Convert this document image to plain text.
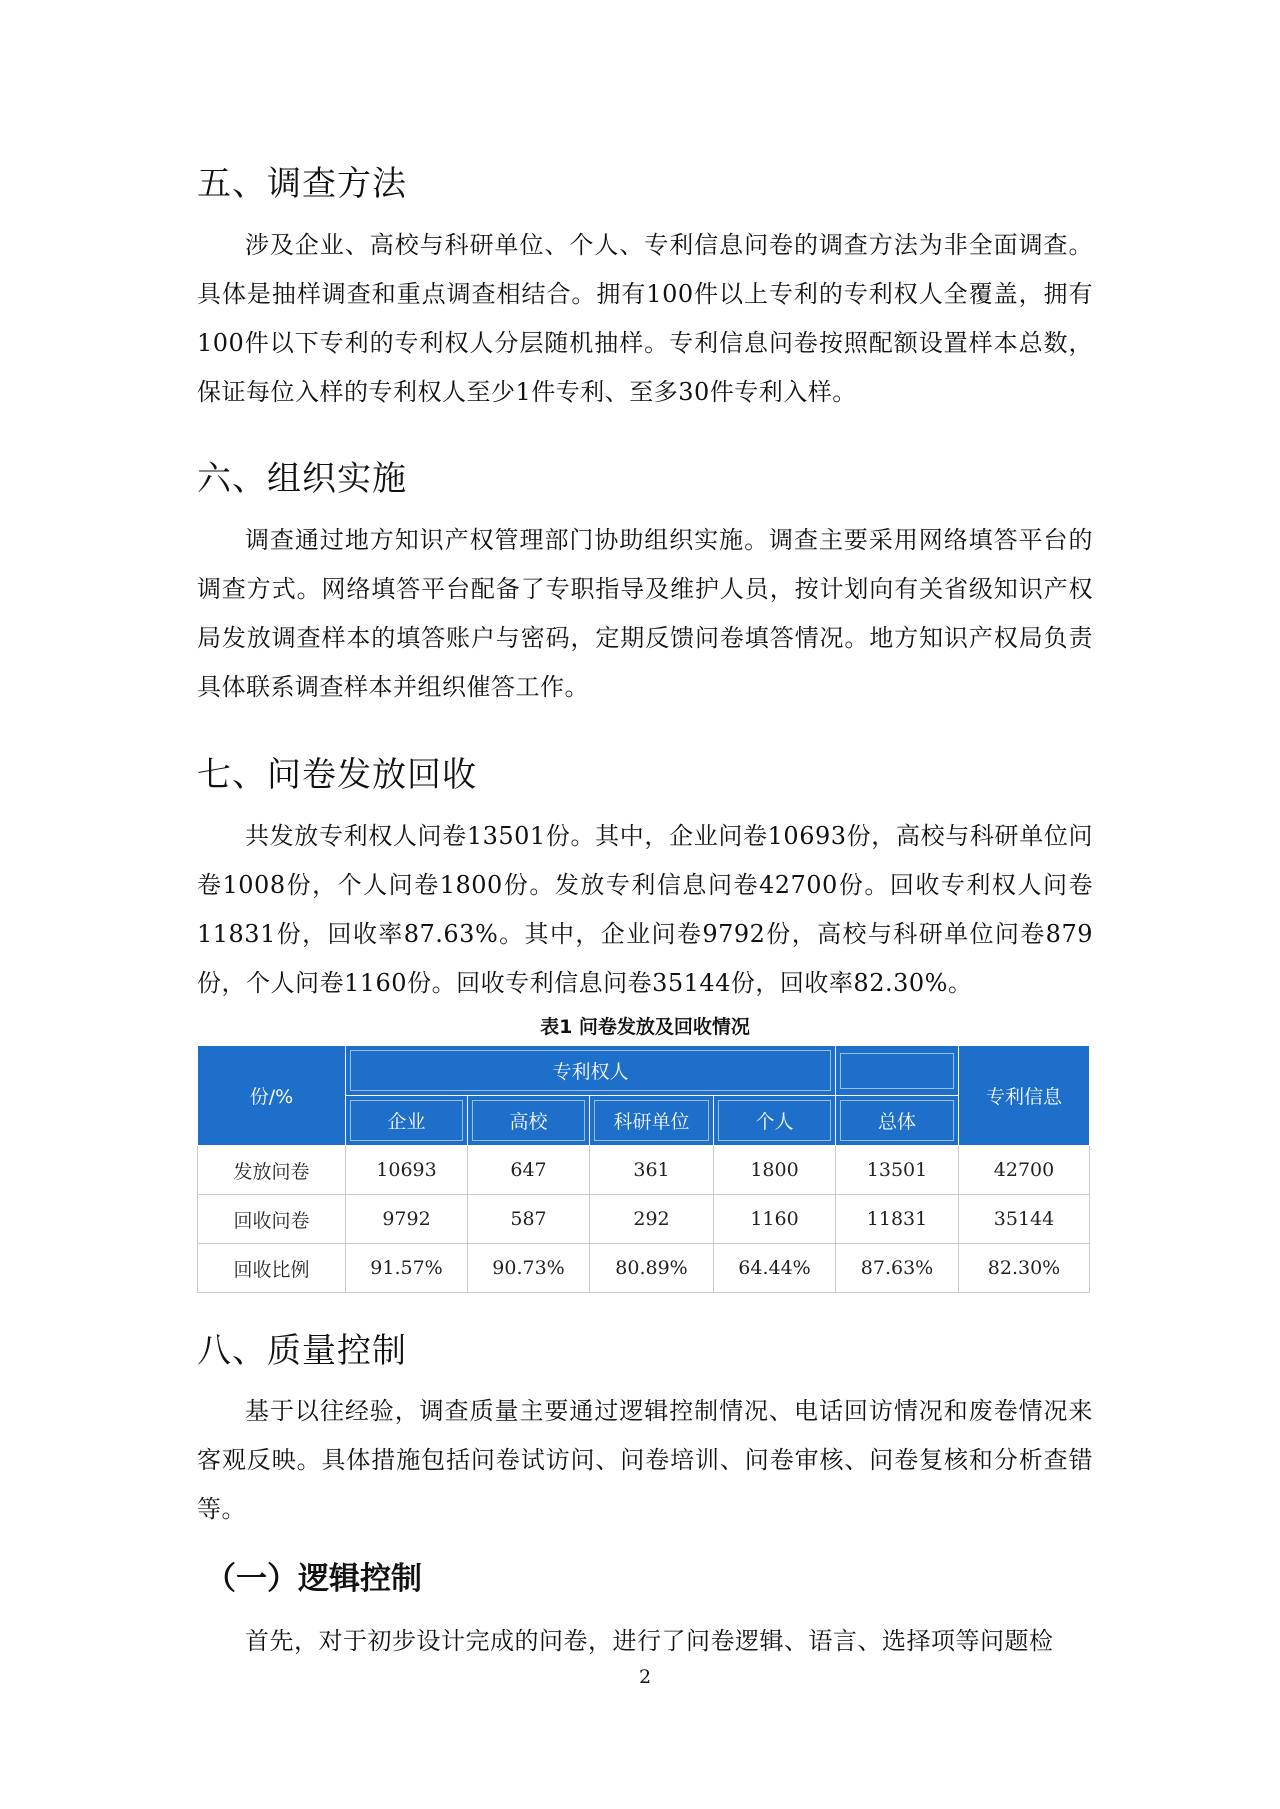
五、调查方法

涉及企业、高校与科研单位、个人、专利信息问卷的调查方法为非全面调查。具体是抽样调查和重点调查相结合。拥有100件以上专利的专利权人全覆盖，拥有100件以下专利的专利权人分层随机抽样。专利信息问卷按照配额设置样本总数，保证每位入样的专利权人至少1件专利、至多30件专利入样。

六、组织实施

调查通过地方知识产权管理部门协助组织实施。调查主要采用网络填答平台的调查方式。网络填答平台配备了专职指导及维护人员，按计划向有关省级知识产权局发放调查样本的填答账户与密码，定期反馈问卷填答情况。地方知识产权局负责具体联系调查样本并组织催答工作。

七、问卷发放回收

共发放专利权人问卷13501份。其中，企业问卷10693份，高校与科研单位问卷1008份，个人问卷1800份。发放专利信息问卷42700份。回收专利权人问卷11831份，回收率87.63%。其中，企业问卷9792份，高校与科研单位问卷879份，个人问卷1160份。回收专利信息问卷35144份，回收率82.30%。

表1 问卷发放及回收情况

份/%	专利权人					专利信息

	企业	高校	科研单位	个人	总体	

发放问卷	10693	647	361	1800	13501	42700
回收问卷	9792	587	292	1160	11831	35144
回收比例	91.57%	90.73%	80.89%	64.44%	87.63%	82.30%
八、质量控制

基于以往经验，调查质量主要通过逻辑控制情况、电话回访情况和废卷情况来客观反映。具体措施包括问卷试访问、问卷培训、问卷审核、问卷复核和分析查错等。

（一）逻辑控制

首先，对于初步设计完成的问卷，进行了问卷逻辑、语言、选择项等问题检

2
